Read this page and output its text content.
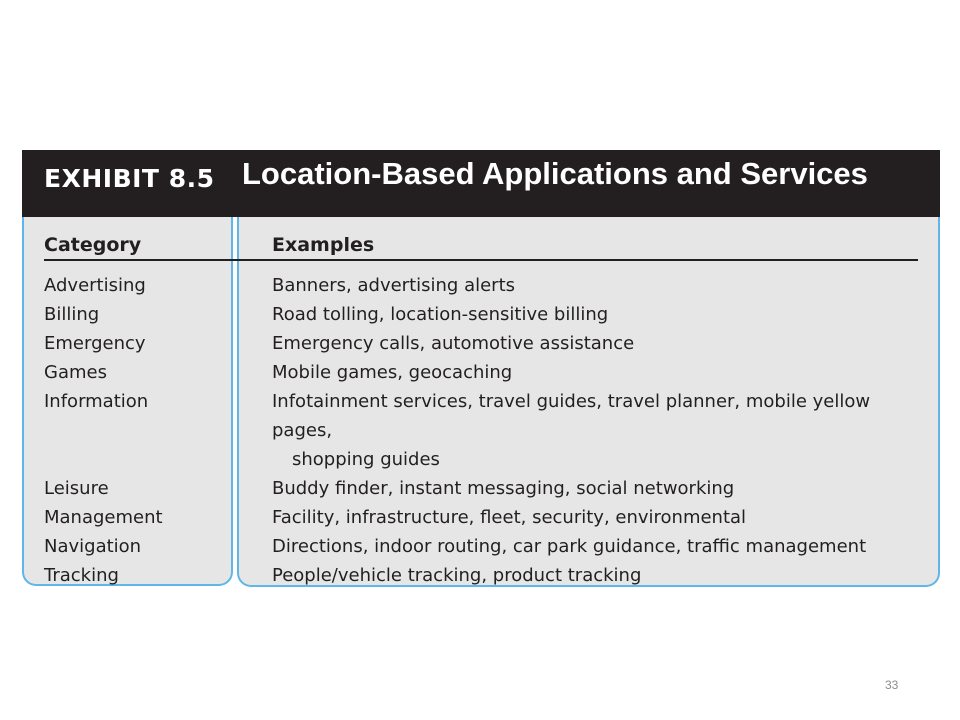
EXHIBIT 8.5 Location-Based Applications and Services
Category	Examples
Advertising	Banners, advertising alerts
Billing	Road tolling, location-sensitive billing
Emergency	Emergency calls, automotive assistance
Games	Mobile games, geocaching
Information	Infotainment services, travel guides, travel planner, mobile yellow pages,
shopping guides
Leisure	Buddy finder, instant messaging, social networking
Management	Facility, infrastructure, fleet, security, environmental
Navigation	Directions, indoor routing, car park guidance, traffic management
Tracking	People/vehicle tracking, product tracking
33
